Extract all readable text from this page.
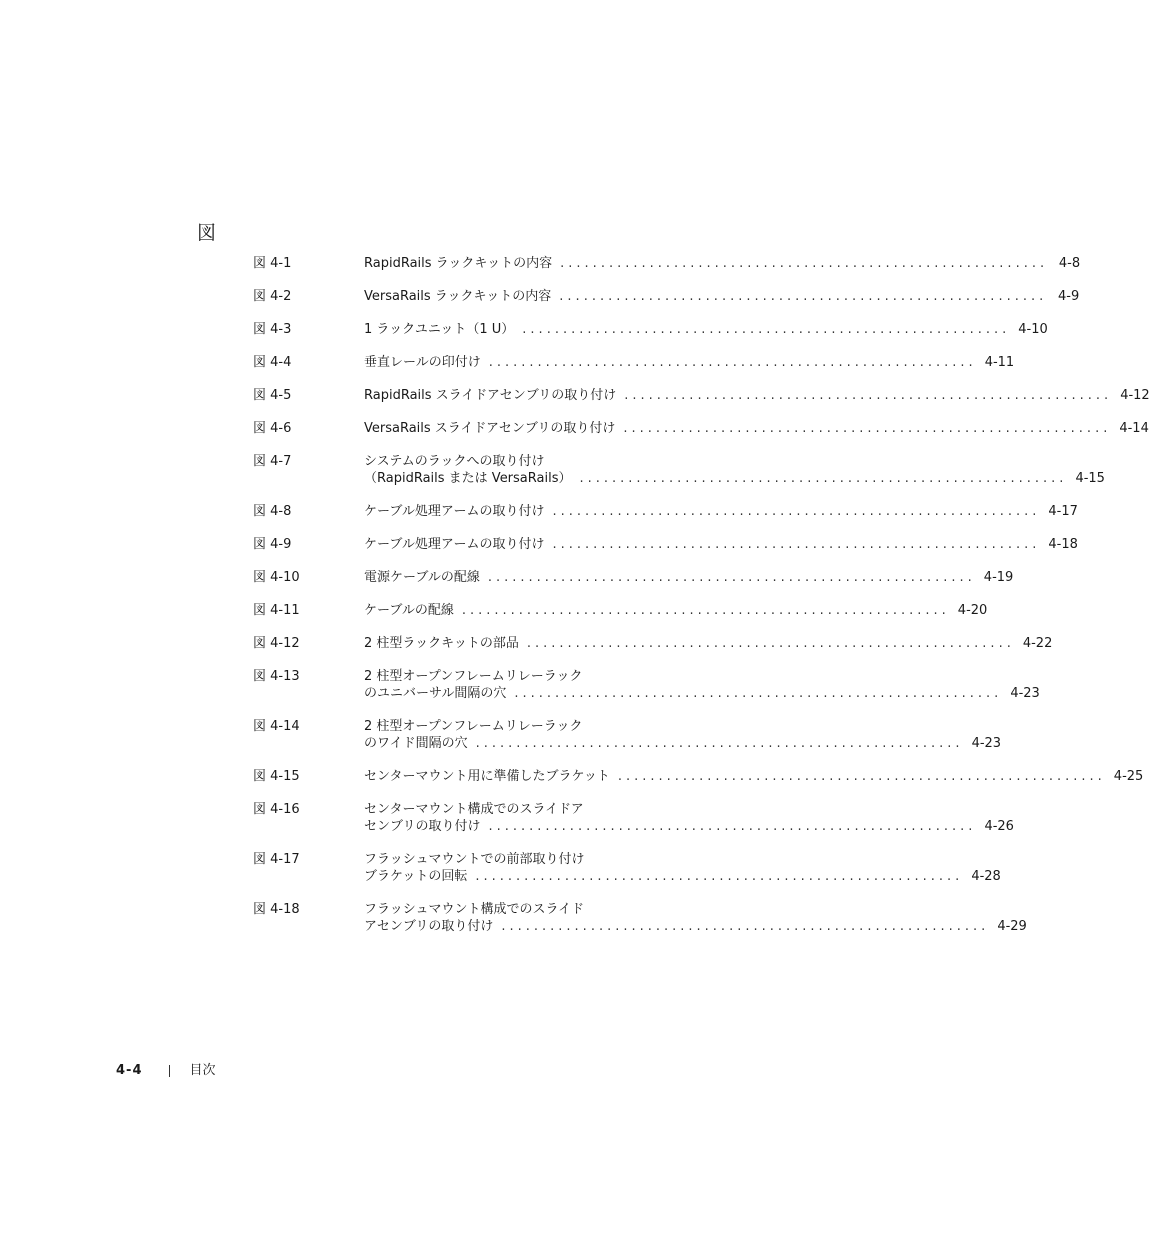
図
図 4-1	RapidRails ラックキットの内容 ............................................................ 4-8
図 4-2	VersaRails ラックキットの内容 ............................................................ 4-9
図 4-3	1 ラックユニット（1 U） ............................................................ 4-10
図 4-4	垂直レールの印付け ............................................................ 4-11
図 4-5	RapidRails スライドアセンブリの取り付け ............................................................ 4-12
図 4-6	VersaRails スライドアセンブリの取り付け ............................................................ 4-14
図 4-7	システムのラックへの取り付け
（RapidRails または VersaRails） ............................................................ 4-15
図 4-8	ケーブル処理アームの取り付け ............................................................ 4-17
図 4-9	ケーブル処理アームの取り付け ............................................................ 4-18
図 4-10	電源ケーブルの配線 ............................................................ 4-19
図 4-11	ケーブルの配線 ............................................................ 4-20
図 4-12	2 柱型ラックキットの部品 ............................................................ 4-22
図 4-13	2 柱型オープンフレームリレーラック
のユニバーサル間隔の穴 ............................................................ 4-23
図 4-14	2 柱型オープンフレームリレーラック
のワイド間隔の穴 ............................................................ 4-23
図 4-15	センターマウント用に準備したブラケット ............................................................ 4-25
図 4-16	センターマウント構成でのスライドア
センブリの取り付け ............................................................ 4-26
図 4-17	フラッシュマウントでの前部取り付け
ブラケットの回転 ............................................................ 4-28
図 4-18	フラッシュマウント構成でのスライド
アセンブリの取り付け ............................................................ 4-29
4-4	目次
